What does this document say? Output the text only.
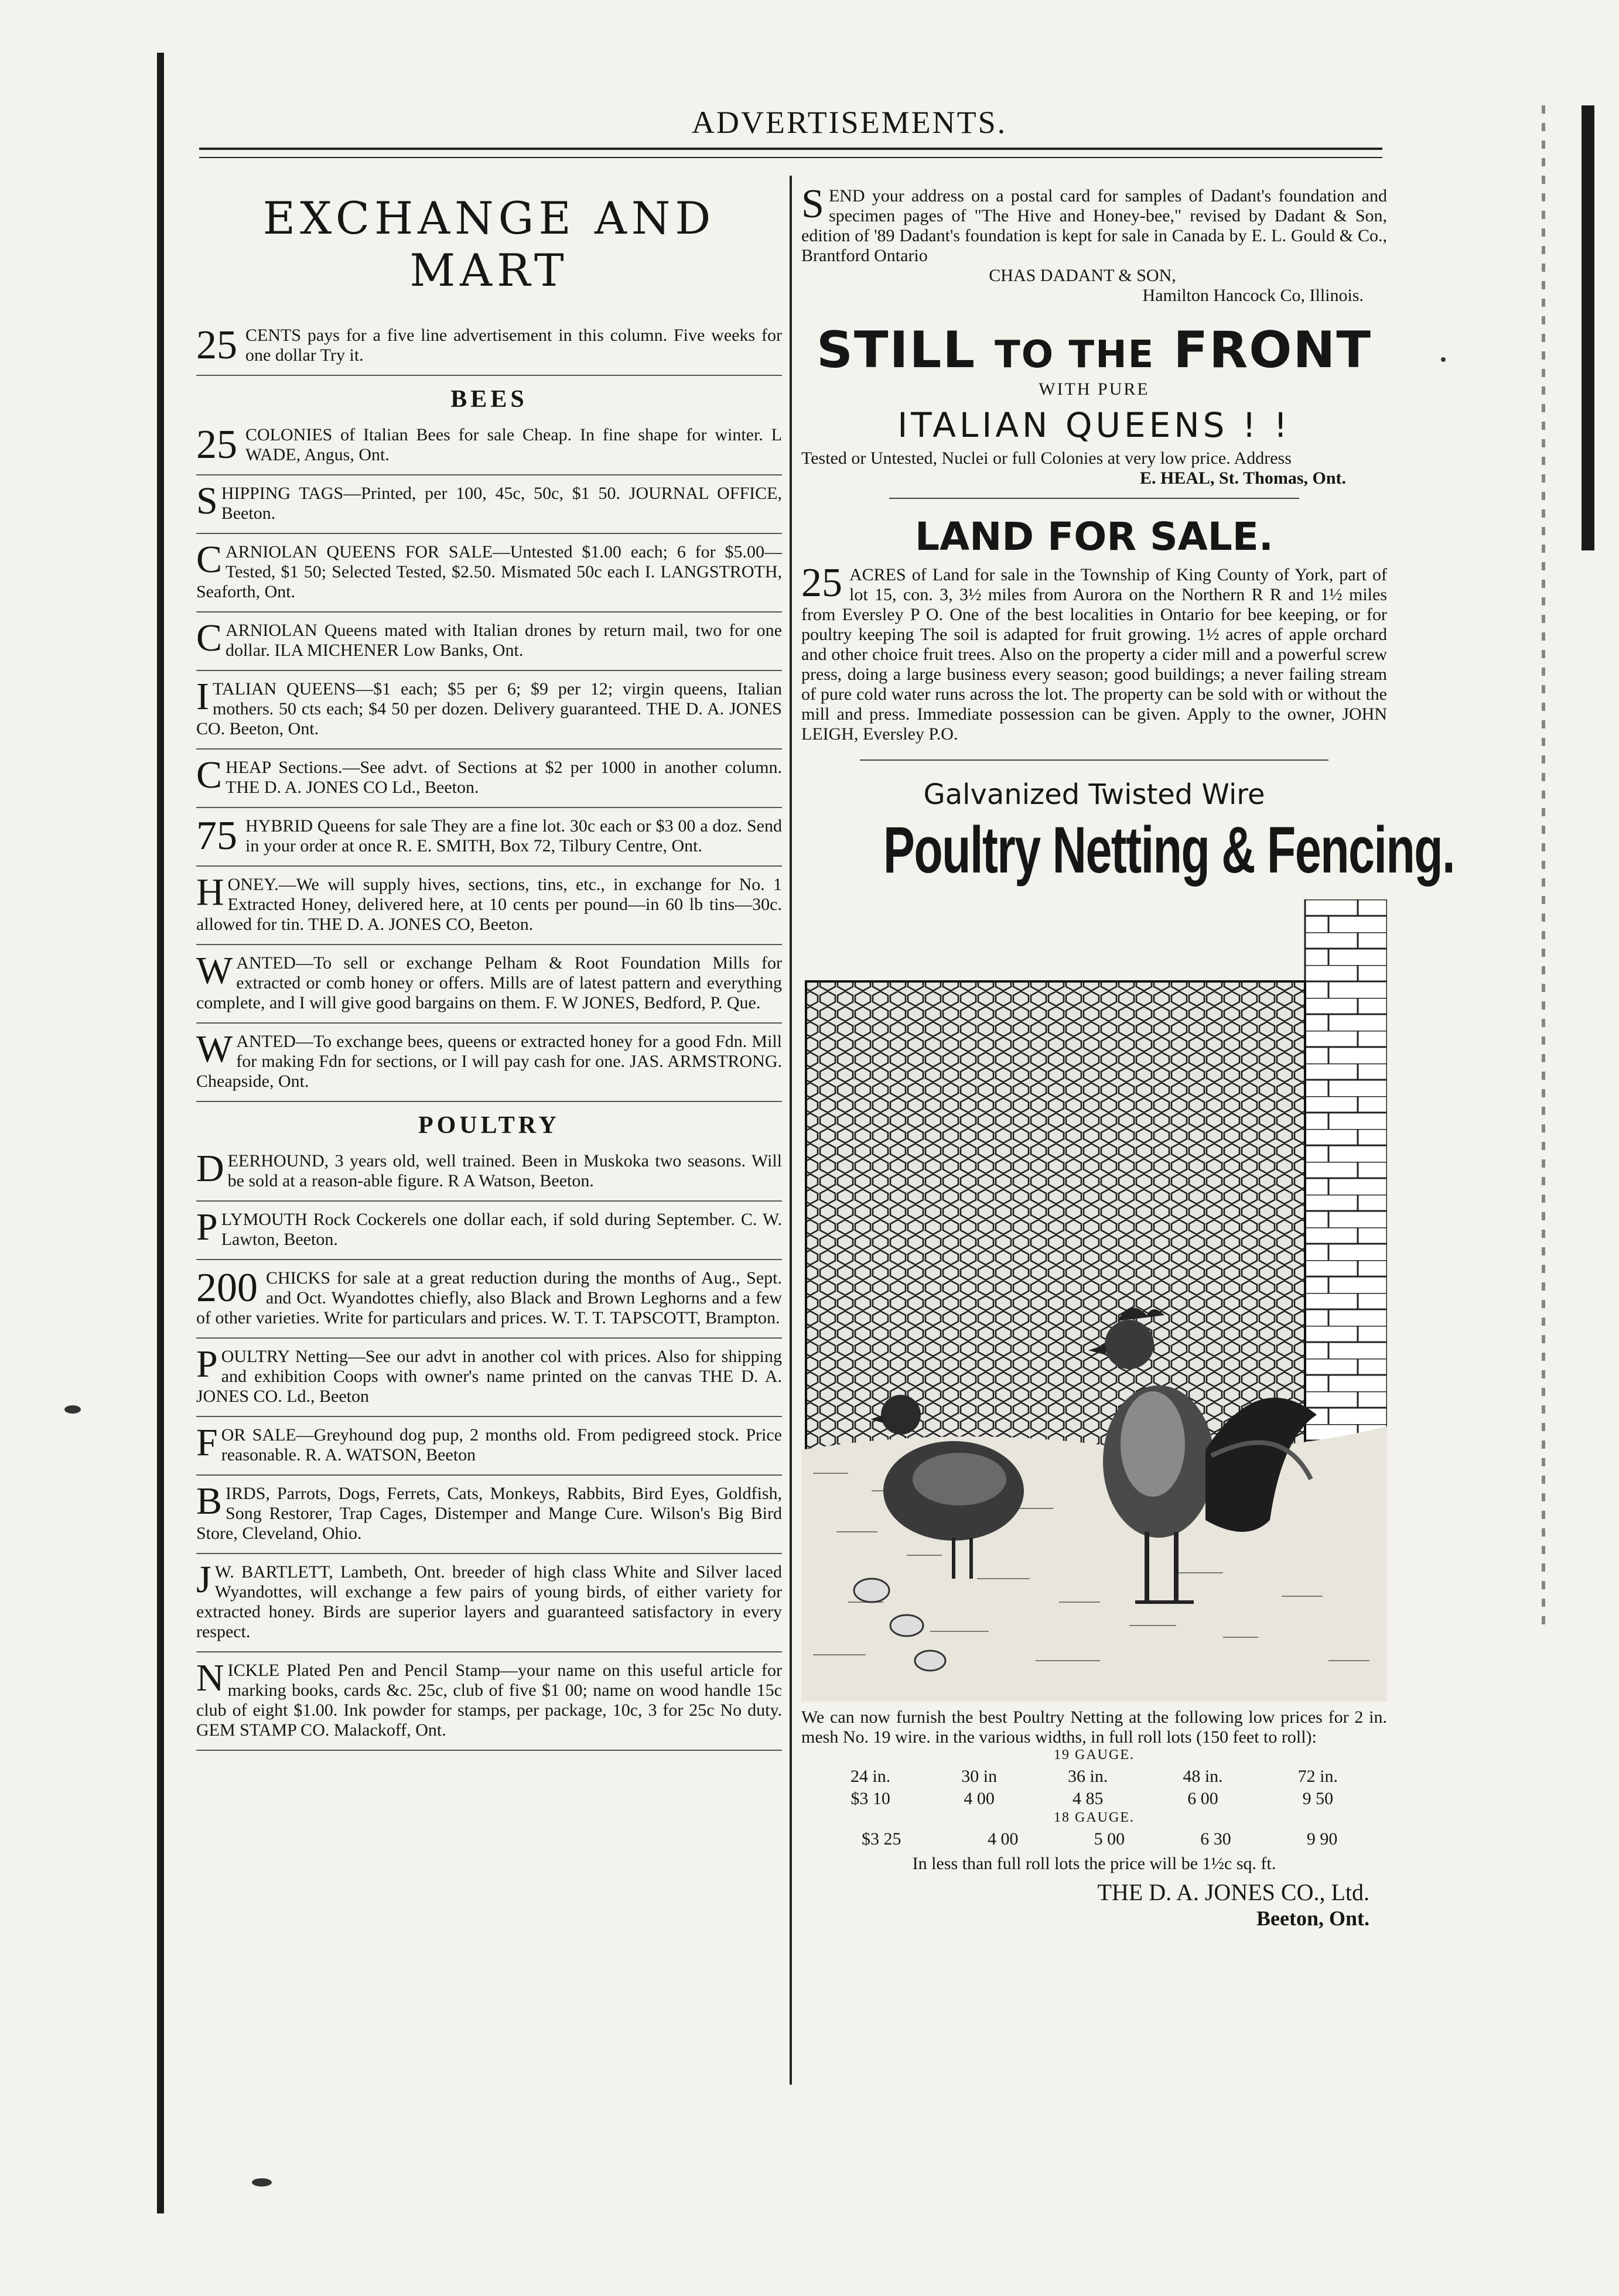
ADVERTISEMENTS.
EXCHANGE AND MART
25 CENTS pays for a five line advertisement in this column. Five weeks for one dollar Try it.
BEES
25 COLONIES of Italian Bees for sale Cheap. In fine shape for winter. L WADE, Angus, Ont.
SHIPPING TAGS—Printed, per 100, 45c, 50c, $1 50. JOURNAL OFFICE, Beeton.
CARNIOLAN QUEENS FOR SALE—Untested $1.00 each; 6 for $5.00—Tested, $1 50; Selected Tested, $2.50. Mismated 50c each I. LANGSTROTH, Seaforth, Ont.
CARNIOLAN Queens mated with Italian drones by return mail, two for one dollar. ILA MICHENER Low Banks, Ont.
ITALIAN QUEENS—$1 each; $5 per 6; $9 per 12; virgin queens, Italian mothers. 50 cts each; $4 50 per dozen. Delivery guaranteed. THE D. A. JONES CO. Beeton, Ont.
CHEAP Sections.—See advt. of Sections at $2 per 1000 in another column. THE D. A. JONES CO Ld., Beeton.
75 HYBRID Queens for sale They are a fine lot. 30c each or $3 00 a doz. Send in your order at once R. E. SMITH, Box 72, Tilbury Centre, Ont.
HONEY.—We will supply hives, sections, tins, etc., in exchange for No. 1 Extracted Honey, delivered here, at 10 cents per pound—in 60 lb tins—30c. allowed for tin. THE D. A. JONES CO, Beeton.
WANTED—To sell or exchange Pelham & Root Foundation Mills for extracted or comb honey or offers. Mills are of latest pattern and everything complete, and I will give good bargains on them. F. W JONES, Bedford, P. Que.
WANTED—To exchange bees, queens or extracted honey for a good Fdn. Mill for making Fdn for sections, or I will pay cash for one. JAS. ARMSTRONG. Cheapside, Ont.
POULTRY
DEERHOUND, 3 years old, well trained. Been in Muskoka two seasons. Will be sold at a reason-able figure. R A Watson, Beeton.
PLYMOUTH Rock Cockerels one dollar each, if sold during September. C. W. Lawton, Beeton.
200 CHICKS for sale at a great reduction during the months of Aug., Sept. and Oct. Wyandottes chiefly, also Black and Brown Leghorns and a few of other varieties. Write for particulars and prices. W. T. T. TAPSCOTT, Brampton.
POULTRY Netting—See our advt in another col with prices. Also for shipping and exhibition Coops with owner's name printed on the canvas THE D. A. JONES CO. Ld., Beeton
FOR SALE—Greyhound dog pup, 2 months old. From pedigreed stock. Price reasonable. R. A. WATSON, Beeton
BIRDS, Parrots, Dogs, Ferrets, Cats, Monkeys, Rabbits, Bird Eyes, Goldfish, Song Restorer, Trap Cages, Distemper and Mange Cure. Wilson's Big Bird Store, Cleveland, Ohio.
J W. BARTLETT, Lambeth, Ont. breeder of high class White and Silver laced Wyandottes, will exchange a few pairs of young birds, of either variety for extracted honey. Birds are superior layers and guaranteed satisfactory in every respect.
NICKLE Plated Pen and Pencil Stamp—your name on this useful article for marking books, cards &c. 25c, club of five $1 00; name on wood handle 15c club of eight $1.00. Ink powder for stamps, per package, 10c, 3 for 25c No duty. GEM STAMP CO. Malackoff, Ont.
S END your address on a postal card for samples of Dadant's foundation and specimen pages of "The Hive and Honey-bee," revised by Dadant & Son, edition of '89 Dadant's foundation is kept for sale in Canada by E. L. Gould & Co., Brantford Ontario
CHAS DADANT & SON,
Hamilton Hancock Co, Illinois.
STILL TO THE FRONT
WITH PURE
ITALIAN QUEENS ! !
Tested or Untested, Nuclei or full Colonies at very low price. Address
E. HEAL, St. Thomas, Ont.
LAND FOR SALE.
25 ACRES of Land for sale in the Township of King County of York, part of lot 15, con. 3, 3½ miles from Aurora on the Northern R R and 1½ miles from Eversley P O. One of the best localities in Ontario for bee keeping, or for poultry keeping The soil is adapted for fruit growing. 1½ acres of apple orchard and other choice fruit trees. Also on the property a cider mill and a powerful screw press, doing a large business every season; good buildings; a never failing stream of pure cold water runs across the lot. The property can be sold with or without the mill and press. Immediate possession can be given. Apply to the owner, JOHN LEIGH, Eversley P.O.
Galvanized Twisted Wire
Poultry Netting & Fencing.
We can now furnish the best Poultry Netting at the following low prices for 2 in. mesh No. 19 wire. in the various widths, in full roll lots (150 feet to roll):
19 GAUGE.
24 in.	30 in	36 in.	48 in.	72 in.
$3 10	4 00	4 85	6 00	9 50
18 GAUGE.
$3 25	4 00	5 00	6 30	9 90
In less than full roll lots the price will be 1½c sq. ft.
THE D. A. JONES CO., Ltd.
Beeton, Ont.
